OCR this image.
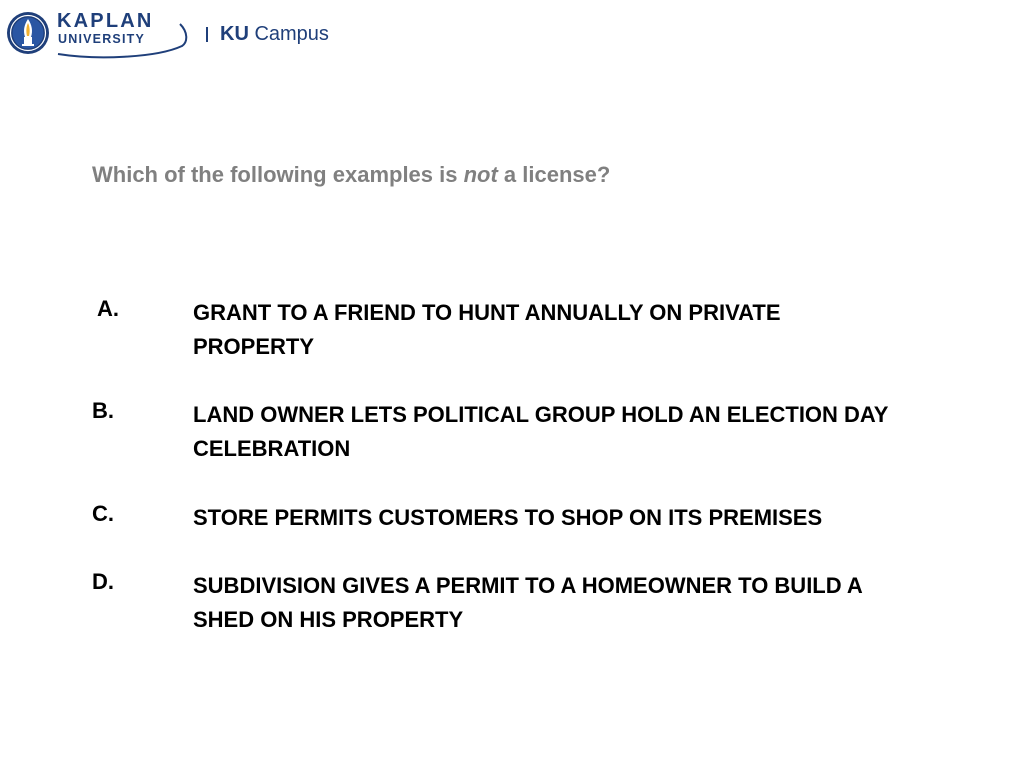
KAPLAN
UNIVERSITY	KU Campus
Which of the following examples is not a license?
A.	GRANT TO A FRIEND TO HUNT ANNUALLY ON PRIVATE
PROPERTY
B.	LAND OWNER LETS POLITICAL GROUP HOLD AN ELECTION DAY
CELEBRATION
C.	STORE PERMITS CUSTOMERS TO SHOP ON ITS PREMISES
D.	SUBDIVISION GIVES A PERMIT TO A HOMEOWNER TO BUILD A
SHED ON HIS PROPERTY
